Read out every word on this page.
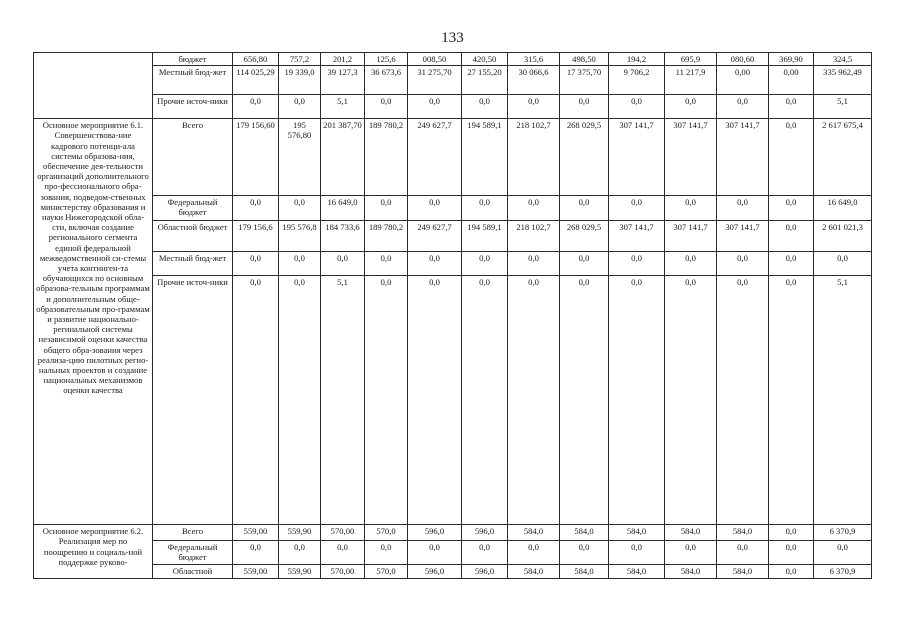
133
	бюджет	656,80	757,2	201,2	125,6	008,50	420,50	315,6	498,50	194,2	695,9	080,60	369,90	324,5
	Местный бюд-жет	114 025,29	19 339,0	39 127,3	36 673,6	31 275,70	27 155,20	30 066,6	17 375,70	9 706,2	11 217,9	0,00	0,00	335 962,49
	Прочие источ-ники	0,0	0,0	5,1	0,0	0,0	0,0	0,0	0,0	0,0	0,0	0,0	0,0	5,1
Основное мероприятие 6.1. Совершенствова-ние кадрового потенци-ала системы образова-ния, обеспечение дея-тельности организаций дополнительного про-фессионального обра-зования, подведом-ственных министерству образования и науки Нижегородской обла-сти, включая создание регионального сегмента единой федеральной межведомственной си-стемы учета континген-та обучающихся по основным образова-тельным программам и дополнительным обще-образовательным про-граммам и развитие национально-регинальной системы независимой оценки качества общего обра-зования через реализа-цию пилотных регио-нальных проектов и создание национальных механизмов оценки качества	Всего	179 156,60	195 576,80	201 387,70	189 780,2	249 627,7	194 589,1	218 102,7	268 029,5	307 141,7	307 141,7	307 141,7	0,0	2 617 675,4
	Федеральный бюджет	0,0	0,0	16 649,0	0,0	0,0	0,0	0,0	0,0	0,0	0,0	0,0	0,0	16 649,0
	Областной бюджет	179 156,6	195 576,8	184 733,6	189 780,2	249 627,7	194 589,1	218 102,7	268 029,5	307 141,7	307 141,7	307 141,7	0,0	2 601 021,3
	Местный бюд-жет	0,0	0,0	0,0	0,0	0,0	0,0	0,0	0,0	0,0	0,0	0,0	0,0	0,0
	Прочие источ-ники	0,0	0,0	5,1	0,0	0,0	0,0	0,0	0,0	0,0	0,0	0,0	0,0	5,1
Основное мероприятие 6.2. Реализация мер по поощрению и социаль-ной поддержке руково-	Всего	559,00	559,90	570,00	570,0	596,0	596,0	584,0	584,0	584,0	584,0	584,0	0,0	6 370,9
	Федеральный бюджет	0,0	0,0	0,0	0,0	0,0	0,0	0,0	0,0	0,0	0,0	0,0	0,0	0,0
	Областной	559,00	559,90	570,00	570,0	596,0	596,0	584,0	584,0	584,0	584,0	584,0	0,0	6 370,9
